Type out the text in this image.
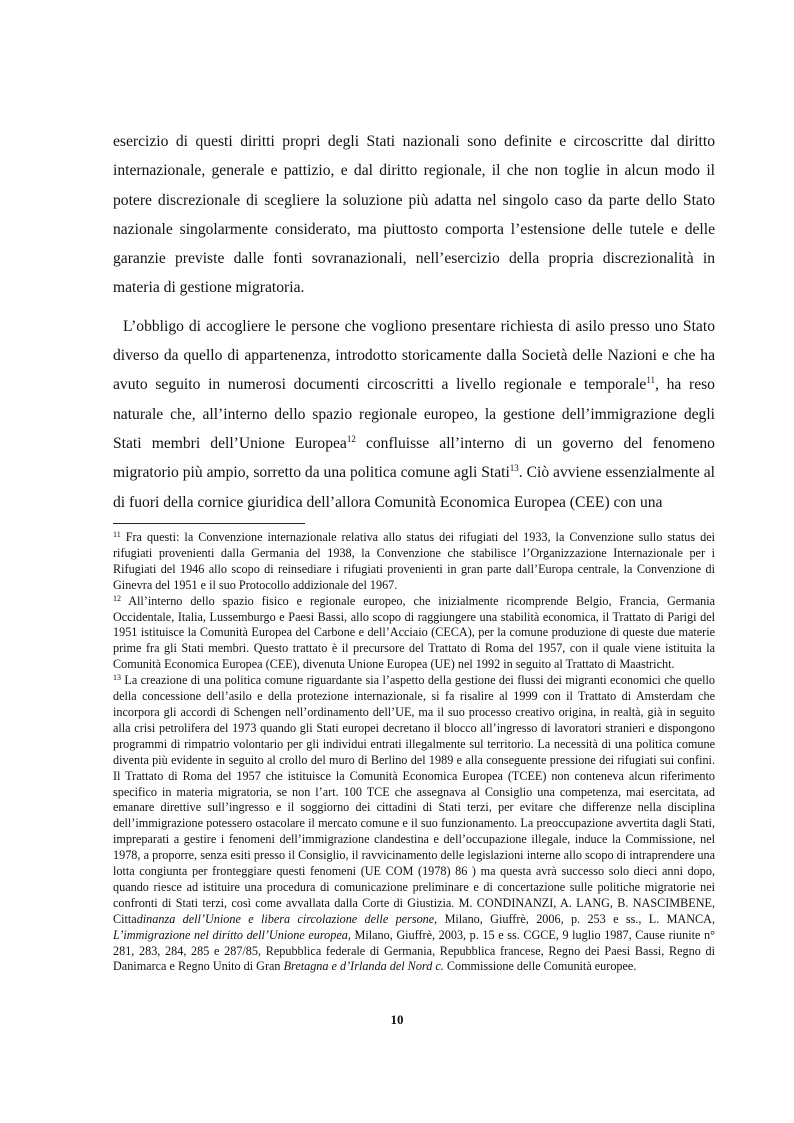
esercizio di questi diritti propri degli Stati nazionali sono definite e circoscritte dal diritto internazionale, generale e pattizio, e dal diritto regionale, il che non toglie in alcun modo il potere discrezionale di scegliere la soluzione più adatta nel singolo caso da parte dello Stato nazionale singolarmente considerato, ma piuttosto comporta l’estensione delle tutele e delle garanzie previste dalle fonti sovranazionali, nell’esercizio della propria discrezionalità in materia di gestione migratoria.

L’obbligo di accogliere le persone che vogliono presentare richiesta di asilo presso uno Stato diverso da quello di appartenenza, introdotto storicamente dalla Società delle Nazioni e che ha avuto seguito in numerosi documenti circoscritti a livello regionale e temporale$^{11}$, ha reso naturale che, all’interno dello spazio regionale europeo, la gestione dell’immigrazione degli Stati membri dell’Unione Europea$^{12}$ confluisse all’interno di un governo del fenomeno migratorio più ampio, sorretto da una politica comune agli Stati$^{13}$. Ciò avviene essenzialmente al di fuori della cornice giuridica dell’allora Comunità Economica Europea (CEE) con una

$^{11}$ Fra questi: la Convenzione internazionale relativa allo status dei rifugiati del 1933, la Convenzione sullo status dei rifugiati provenienti dalla Germania del 1938, la Convenzione che stabilisce l’Organizzazione Internazionale per i Rifugiati del 1946 allo scopo di reinsediare i rifugiati provenienti in gran parte dall’Europa centrale, la Convenzione di Ginevra del 1951 e il suo Protocollo addizionale del 1967.

$^{12}$ All’interno dello spazio fisico e regionale europeo, che inizialmente ricomprende Belgio, Francia, Germania Occidentale, Italia, Lussemburgo e Paesi Bassi, allo scopo di raggiungere una stabilità economica, il Trattato di Parigi del 1951 istituisce la Comunità Europea del Carbone e dell’Acciaio (CECA), per la comune produzione di queste due materie prime fra gli Stati membri. Questo trattato è il precursore del Trattato di Roma del 1957, con il quale viene istituita la Comunità Economica Europea (CEE), divenuta Unione Europea (UE) nel 1992 in seguito al Trattato di Maastricht.

$^{13}$ La creazione di una politica comune riguardante sia l’aspetto della gestione dei flussi dei migranti economici che quello della concessione dell’asilo e della protezione internazionale, si fa risalire al 1999 con il Trattato di Amsterdam che incorpora gli accordi di Schengen nell’ordinamento dell’UE, ma il suo processo creativo origina, in realtà, già in seguito alla crisi petrolifera del 1973 quando gli Stati europei decretano il blocco all’ingresso di lavoratori stranieri e dispongono programmi di rimpatrio volontario per gli individui entrati illegalmente sul territorio. La necessità di una politica comune diventa più evidente in seguito al crollo del muro di Berlino del 1989 e alla conseguente pressione dei rifugiati sui confini. Il Trattato di Roma del 1957 che istituisce la Comunità Economica Europea (TCEE) non conteneva alcun riferimento specifico in materia migratoria, se non l’art. 100 TCE che assegnava al Consiglio una competenza, mai esercitata, ad emanare direttive sull’ingresso e il soggiorno dei cittadini di Stati terzi, per evitare che differenze nella disciplina dell’immigrazione potessero ostacolare il mercato comune e il suo funzionamento. La preoccupazione avvertita dagli Stati, impreparati a gestire i fenomeni dell’immigrazione clandestina e dell’occupazione illegale, induce la Commissione, nel 1978, a proporre, senza esiti presso il Consiglio, il ravvicinamento delle legislazioni interne allo scopo di intraprendere una lotta congiunta per fronteggiare questi fenomeni (UE COM (1978) 86 ) ma questa avrà successo solo dieci anni dopo, quando riesce ad istituire una procedura di comunicazione preliminare e di concertazione sulle politiche migratorie nei confronti di Stati terzi, così come avvallata dalla Corte di Giustizia. M. CONDINANZI, A. LANG, B. NASCIMBENE, Cittadinanza dell’Unione e libera circolazione delle persone, Milano, Giuffrè, 2006, p. 253 e ss., L. MANCA, L’immigrazione nel diritto dell’Unione europea, Milano, Giuffrè, 2003, p. 15 e ss. CGCE, 9 luglio 1987, Cause riunite n° 281, 283, 284, 285 e 287/85, Repubblica federale di Germania, Repubblica francese, Regno dei Paesi Bassi, Regno di Danimarca e Regno Unito di Gran Bretagna e d’Irlanda del Nord c. Commissione delle Comunità europee.

10
